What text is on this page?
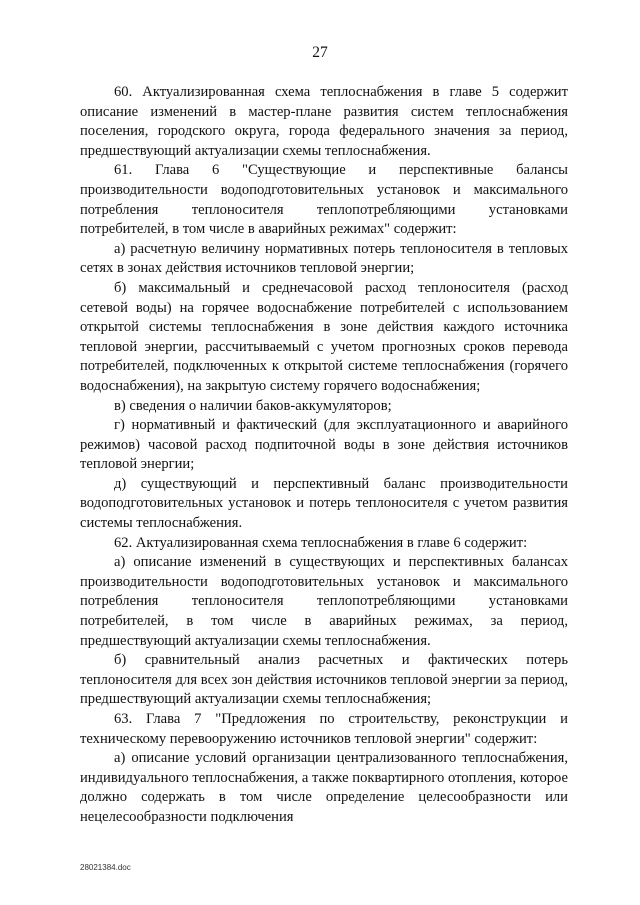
27

60. Актуализированная схема теплоснабжения в главе 5 содержит описание изменений в мастер-плане развития систем теплоснабжения поселения, городского округа, города федерального значения за период, предшествующий актуализации схемы теплоснабжения.

61. Глава 6 "Существующие и перспективные балансы производительности водоподготовительных установок и максимального потребления теплоносителя теплопотребляющими установками потребителей, в том числе в аварийных режимах" содержит:

а) расчетную величину нормативных потерь теплоносителя в тепловых сетях в зонах действия источников тепловой энергии;

б) максимальный и среднечасовой расход теплоносителя (расход сетевой воды) на горячее водоснабжение потребителей с использованием открытой системы теплоснабжения в зоне действия каждого источника тепловой энергии, рассчитываемый с учетом прогнозных сроков перевода потребителей, подключенных к открытой системе теплоснабжения (горячего водоснабжения), на закрытую систему горячего водоснабжения;

в) сведения о наличии баков-аккумуляторов;

г) нормативный и фактический (для эксплуатационного и аварийного режимов) часовой расход подпиточной воды в зоне действия источников тепловой энергии;

д) существующий и перспективный баланс производительности водоподготовительных установок и потерь теплоносителя с учетом развития системы теплоснабжения.

62. Актуализированная схема теплоснабжения в главе 6 содержит:

а) описание изменений в существующих и перспективных балансах производительности водоподготовительных установок и максимального потребления теплоносителя теплопотребляющими установками потребителей, в том числе в аварийных режимах, за период, предшествующий актуализации схемы теплоснабжения.

б) сравнительный анализ расчетных и фактических потерь теплоносителя для всех зон действия источников тепловой энергии за период, предшествующий актуализации схемы теплоснабжения;

63. Глава 7 "Предложения по строительству, реконструкции и техническому перевооружению источников тепловой энергии" содержит:

а) описание условий организации централизованного теплоснабжения, индивидуального теплоснабжения, а также поквартирного отопления, которое должно содержать в том числе определение целесообразности или нецелесообразности подключения

28021384.doc
